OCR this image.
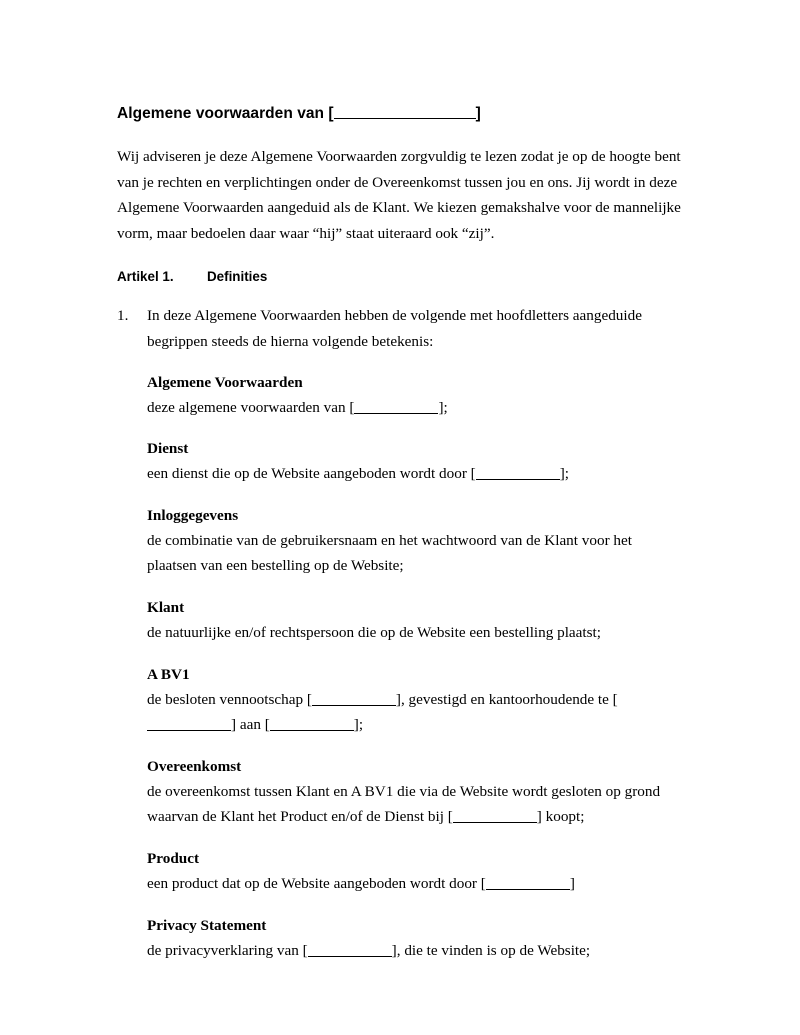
Algemene voorwaarden van [	]

Wij adviseren je deze Algemene Voorwaarden zorgvuldig te lezen zodat je op de hoogte bent van je rechten en verplichtingen onder de Overeenkomst tussen jou en ons. Jij wordt in deze Algemene Voorwaarden aangeduid als de Klant. We kiezen gemakshalve voor de mannelijke vorm, maar bedoelen daar waar “hij” staat uiteraard ook “zij”.

Artikel 1.	Definities
1.	In deze Algemene Voorwaarden hebben de volgende met hoofdletters aangeduide begrippen steeds de hierna volgende betekenis:
Algemene Voorwaarden
deze algemene voorwaarden van [	];
Dienst
een dienst die op de Website aangeboden wordt door [	];
Inloggegevens
de combinatie van de gebruikersnaam en het wachtwoord van de Klant voor het plaatsen van een bestelling op de Website;
Klant
de natuurlijke en/of rechtspersoon die op de Website een bestelling plaatst;
A BV1
de besloten vennootschap [	], gevestigd en kantoorhoudende te [] aan [	];
Overeenkomst
de overeenkomst tussen Klant en A BV1 die via de Website wordt gesloten op grond waarvan de Klant het Product en/of de Dienst bij [	] koopt;
Product
een product dat op de Website aangeboden wordt door [	]
Privacy Statement
de privacyverklaring van [	], die te vinden is op de Website;
